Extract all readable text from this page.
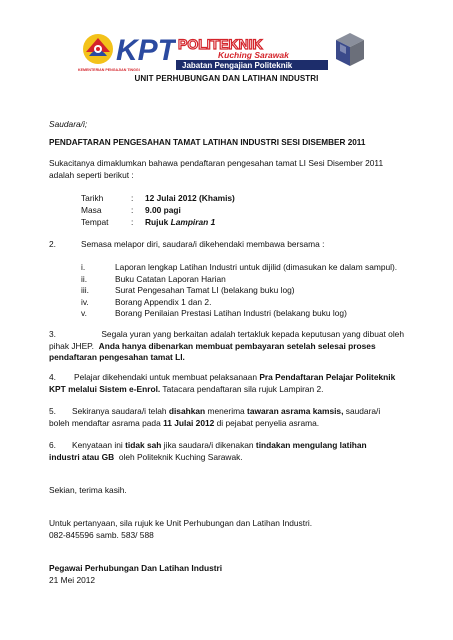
KPT POLITEKNIK
Kuching Sarawak
Jabatan Pengajian Politeknik
KEMENTERIAN PENGAJIAN TINGGI
UNIT PERHUBUNGAN DAN LATIHAN INDUSTRI
Saudara/i;
PENDAFTARAN PENGESAHAN TAMAT LATIHAN INDUSTRI SESI DISEMBER 2011
Sukacitanya dimaklumkan bahawa pendaftaran pengesahan tamat LI Sesi Disember 2011 adalah seperti berikut :
Tarikh	:	12 Julai 2012 (Khamis)
Masa	:	9.00 pagi
Tempat	:	Rujuk Lampiran 1
2.	Semasa melapor diri, saudara/i dikehendaki membawa bersama :
i.	Laporan lengkap Latihan Industri untuk dijilid (dimasukan ke dalam sampul).
ii.	Buku Catatan Laporan Harian
iii.	Surat Pengesahan Tamat LI (belakang buku log)
iv.	Borang Appendix 1 dan 2.
v.	Borang Penilaian Prestasi Latihan Industri (belakang buku log)
3.	Segala yuran yang berkaitan adalah tertakluk kepada keputusan yang dibuat oleh
pihak JHEP. Anda hanya dibenarkan membuat pembayaran setelah selesai proses
pendaftaran pengesahan tamat LI.
4. Pelajar dikehendaki untuk membuat pelaksanaan Pra Pendaftaran Pelajar Politeknik
KPT melalui Sistem e-Enrol. Tatacara pendaftaran sila rujuk Lampiran 2.
5. Sekiranya saudara/i telah disahkan menerima tawaran asrama kamsis, saudara/i
boleh mendaftar asrama pada 11 Julai 2012 di pejabat penyelia asrama.
6. Kenyataan ini tidak sah jika saudara/i dikenakan tindakan mengulang latihan
industri atau GB oleh Politeknik Kuching Sarawak.
Sekian, terima kasih.
Untuk pertanyaan, sila rujuk ke Unit Perhubungan dan Latihan Industri.
082-845596 samb. 583/ 588
Pegawai Perhubungan Dan Latihan Industri
21 Mei 2012
